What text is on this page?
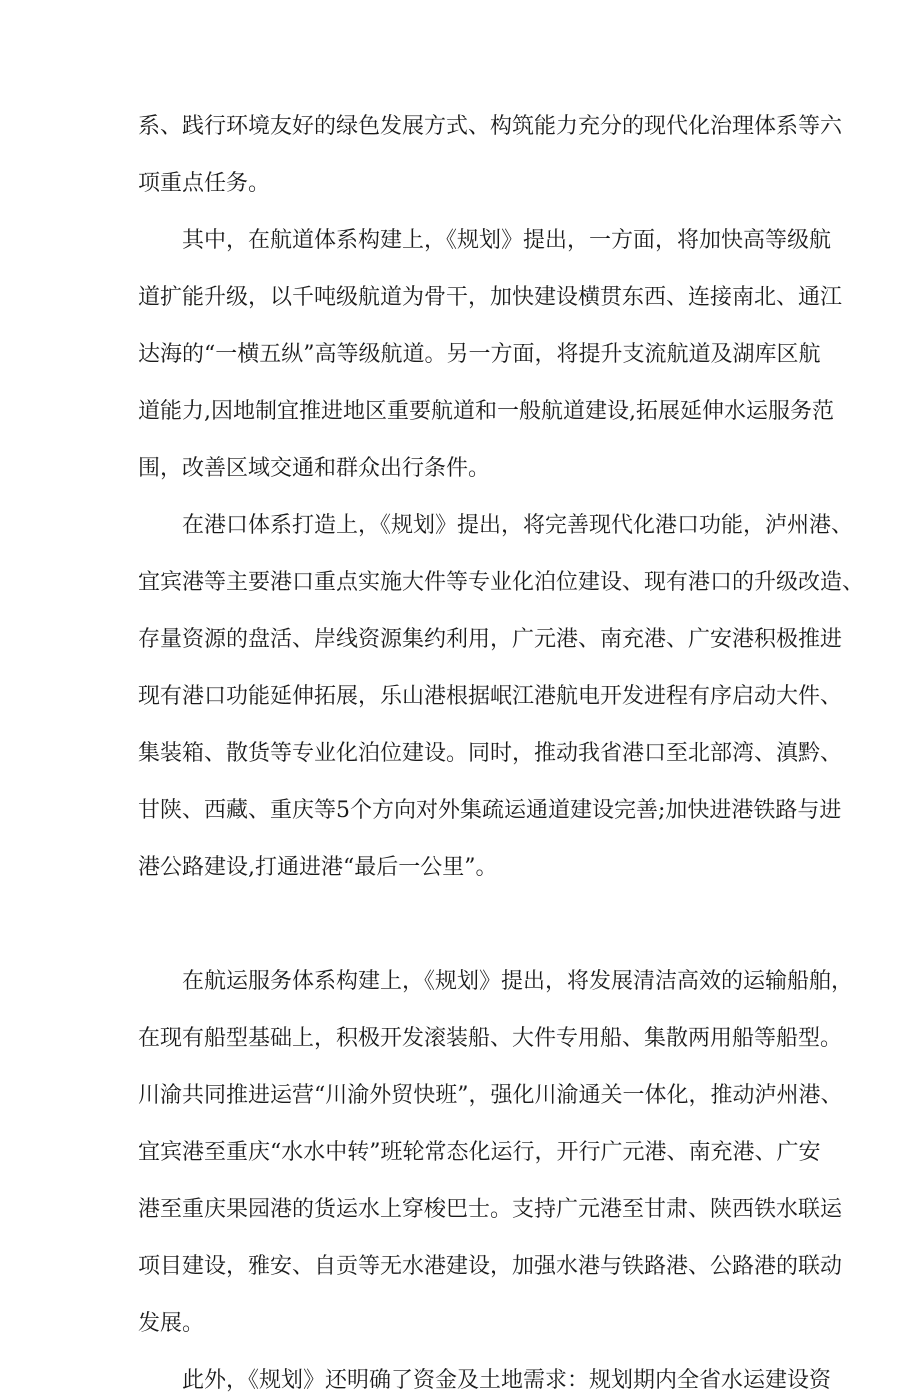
系、践行环境友好的绿色发展方式、构筑能力充分的现代化治理体系等六
项重点任务。
其中，在航道体系构建上，《规划》提出，一方面，将加快高等级航
道扩能升级，以千吨级航道为骨干，加快建设横贯东西、连接南北、通江
达海的“一横五纵”高等级航道。另一方面，将提升支流航道及湖库区航
道能力,因地制宜推进地区重要航道和一般航道建设,拓展延伸水运服务范
围，改善区域交通和群众出行条件。
在港口体系打造上，《规划》提出，将完善现代化港口功能，泸州港、
宜宾港等主要港口重点实施大件等专业化泊位建设、现有港口的升级改造、
存量资源的盘活、岸线资源集约利用，广元港、南充港、广安港积极推进
现有港口功能延伸拓展，乐山港根据岷江港航电开发进程有序启动大件、
集装箱、散货等专业化泊位建设。同时，推动我省港口至北部湾、滇黔、
甘陕、西藏、重庆等5个方向对外集疏运通道建设完善;加快进港铁路与进
港公路建设,打通进港“最后一公里”。
在航运服务体系构建上，《规划》提出，将发展清洁高效的运输船舶，
在现有船型基础上，积极开发滚装船、大件专用船、集散两用船等船型。
川渝共同推进运营“川渝外贸快班”，强化川渝通关一体化，推动泸州港、
宜宾港至重庆“水水中转”班轮常态化运行，开行广元港、南充港、广安
港至重庆果园港的货运水上穿梭巴士。支持广元港至甘肃、陕西铁水联运
项目建设，雅安、自贡等无水港建设，加强水港与铁路港、公路港的联动
发展。
此外，《规划》还明确了资金及土地需求：规划期内全省水运建设资
